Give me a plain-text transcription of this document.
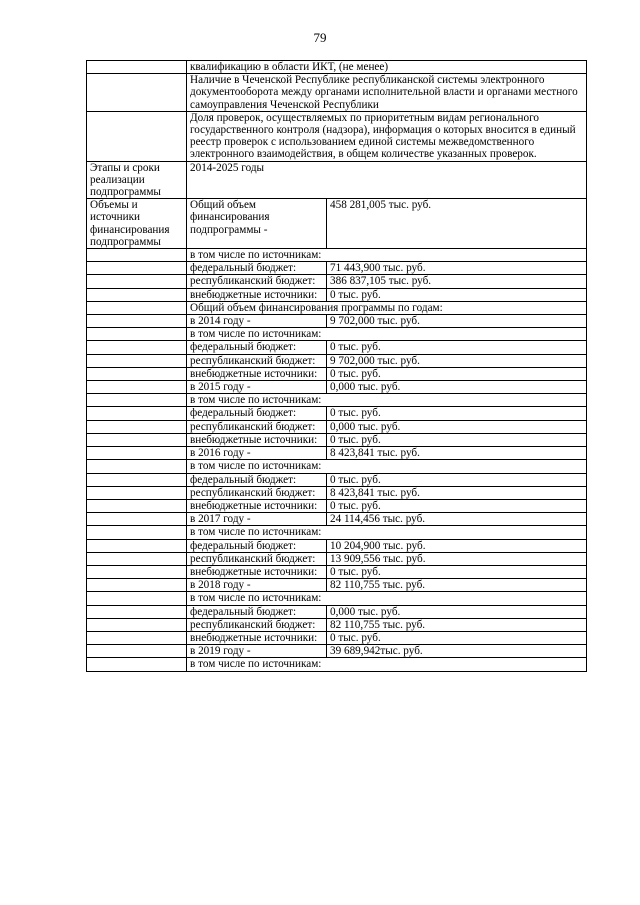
79
	квалификацию в области ИКТ, (не менее)	
	Наличие в Чеченской Республике республиканской системы электронного документооборота между органами исполнительной власти и органами местного самоуправления Чеченской Республики	
	Доля проверок, осуществляемых по приоритетным видам регионального государственного контроля (надзора), информация о которых вносится в единый реестр проверок с использованием единой системы межведомственного электронного взаимодействия, в общем количестве указанных проверок.	
Этапы и сроки реализации подпрограммы	2014-2025 годы	
Объемы и источники финансирования подпрограммы	Общий объем финансирования подпрограммы -	458 281,005 тыс. руб.
	в том числе по источникам:	
	федеральный бюджет:	71 443,900 тыс. руб.
	республиканский бюджет:	386 837,105 тыс. руб.
	внебюджетные источники:	0 тыс. руб.
	Общий объем финансирования программы по годам:	
	в 2014 году -	9 702,000 тыс. руб.
	в том числе по источникам:	
	федеральный бюджет:	0 тыс. руб.
	республиканский бюджет:	9 702,000 тыс. руб.
	внебюджетные источники:	0 тыс. руб.
	в 2015 году -	0,000 тыс. руб.
	в том числе по источникам:	
	федеральный бюджет:	0 тыс. руб.
	республиканский бюджет:	0,000 тыс. руб.
	внебюджетные источники:	0 тыс. руб.
	в 2016 году -	8 423,841 тыс. руб.
	в том числе по источникам:	
	федеральный бюджет:	0 тыс. руб.
	республиканский бюджет:	8 423,841 тыс. руб.
	внебюджетные источники:	0 тыс. руб.
	в 2017 году -	24 114,456 тыс. руб.
	в том числе по источникам:	
	федеральный бюджет:	10 204,900 тыс. руб.
	республиканский бюджет:	13 909,556 тыс. руб.
	внебюджетные источники:	0 тыс. руб.
	в 2018 году -	82 110,755 тыс. руб.
	в том числе по источникам:	
	федеральный бюджет:	0,000 тыс. руб.
	республиканский бюджет:	82 110,755 тыс. руб.
	внебюджетные источники:	0 тыс. руб.
	в 2019 году -	39 689,942тыс. руб.
	в том числе по источникам:	
